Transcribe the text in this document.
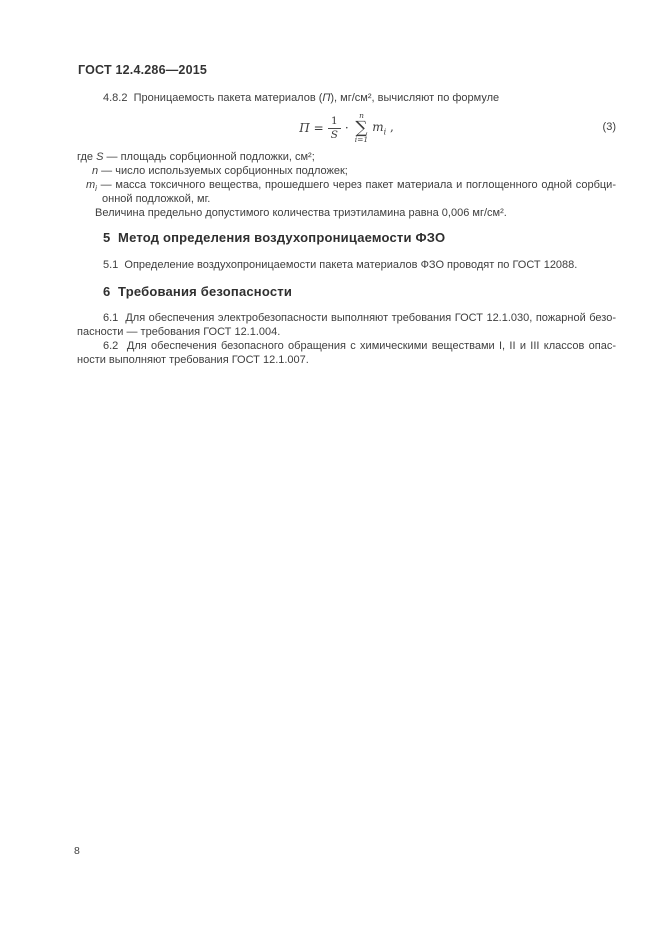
ГОСТ 12.4.286—2015
4.8.2  Проницаемость пакета материалов (П), мг/см², вычисляют по формуле
$П = \frac{1}{S}$ ·
n
∑
i=1
$m_i$ ,	(3)
где S — площадь сорбционной подложки, см²;
n — число используемых сорбционных подложек;
$m_i$ — масса токсичного вещества, прошедшего через пакет материала и поглощенного одной сорбци-
онной подложкой, мг.
Величина предельно допустимого количества триэтиламина равна 0,006 мг/см².
5  Метод определения воздухопроницаемости ФЗО
5.1  Определение воздухопроницаемости пакета материалов ФЗО проводят по ГОСТ 12088.
6  Требования безопасности
6.1  Для обеспечения электробезопасности выполняют требования ГОСТ 12.1.030, пожарной безо-
пасности — требования ГОСТ 12.1.004.
6.2  Для обеспечения безопасного обращения с химическими веществами I, II и III классов опас-
ности выполняют требования ГОСТ 12.1.007.
8
